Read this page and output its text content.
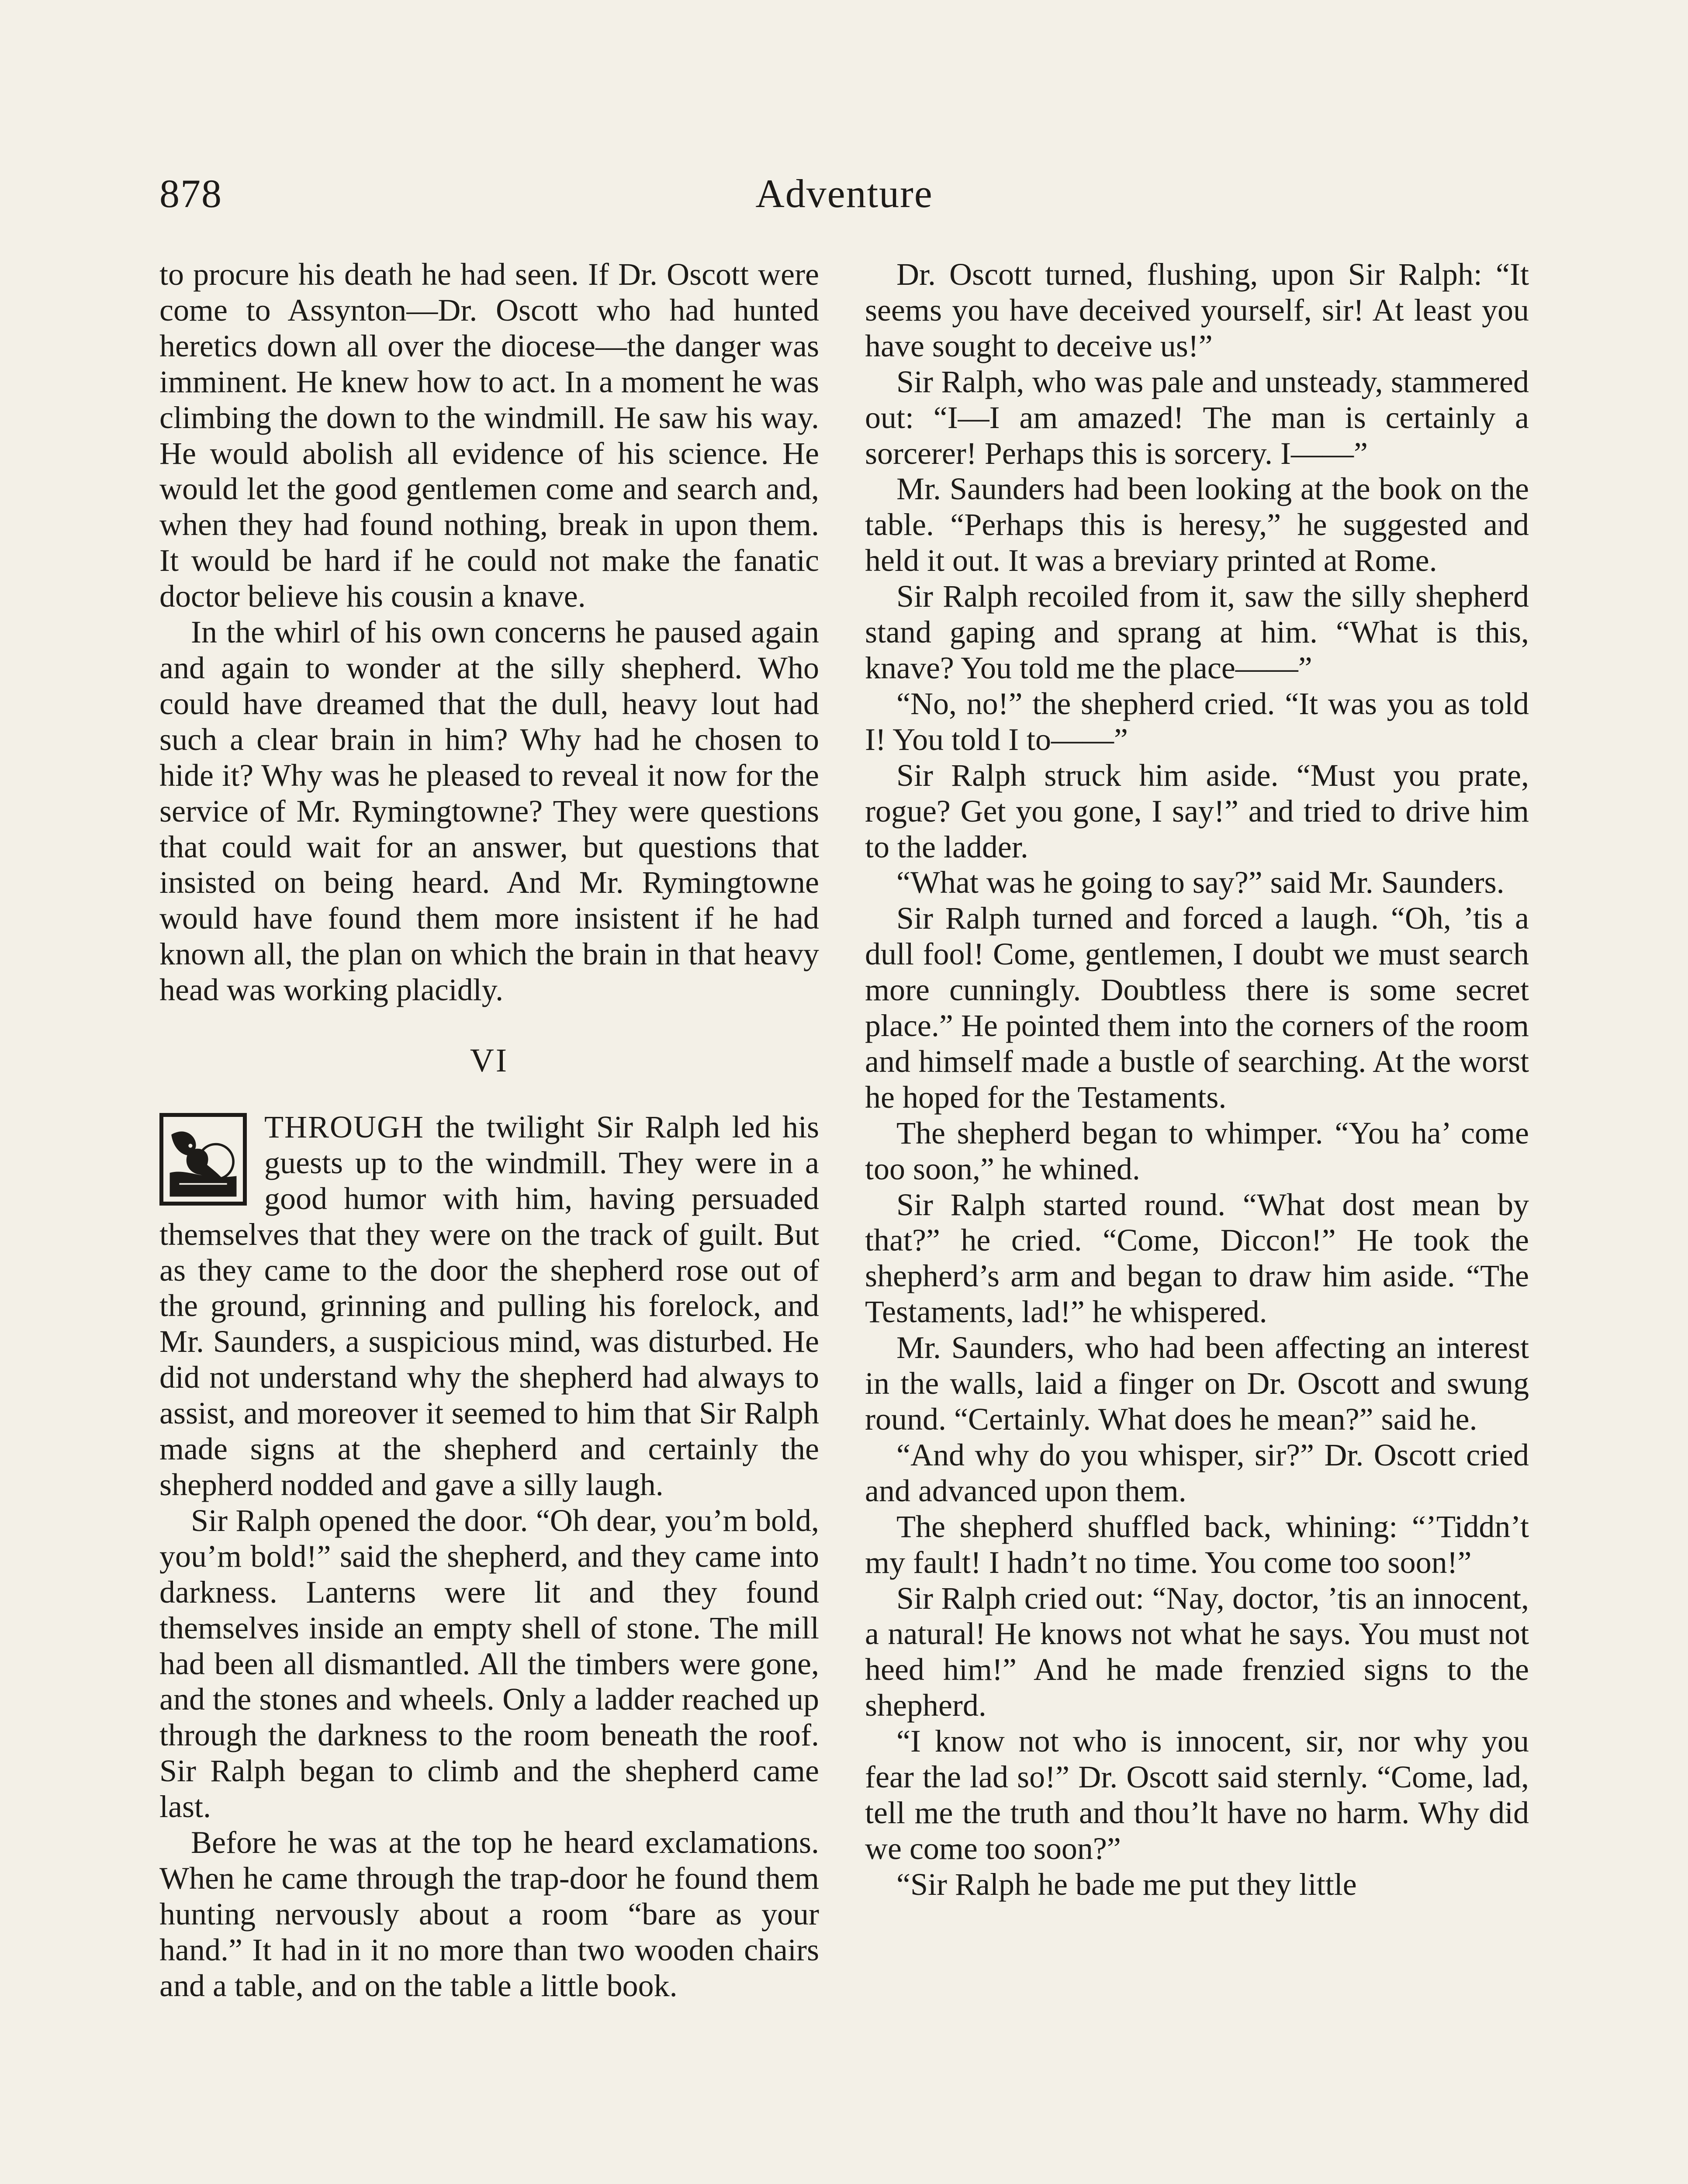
878	Adventure

to procure his death he had seen. If Dr. Oscott were come to Assynton—Dr. Oscott who had hunted heretics down all over the diocese—the danger was imminent. He knew how to act. In a moment he was climbing the down to the windmill. He saw his way. He would abolish all evidence of his science. He would let the good gentlemen come and search and, when they had found nothing, break in upon them. It would be hard if he could not make the fanatic doctor believe his cousin a knave.

In the whirl of his own concerns he paused again and again to wonder at the silly shepherd. Who could have dreamed that the dull, heavy lout had such a clear brain in him? Why had he chosen to hide it? Why was he pleased to reveal it now for the service of Mr. Rymingtowne? They were questions that could wait for an answer, but questions that insisted on being heard. And Mr. Rymingtowne would have found them more insistent if he had known all, the plan on which the brain in that heavy head was working placidly.

VI

THROUGH the twilight Sir Ralph led his guests up to the windmill. They were in a good humor with him, having persuaded themselves that they were on the track of guilt. But as they came to the door the shepherd rose out of the ground, grinning and pulling his forelock, and Mr. Saunders, a suspicious mind, was disturbed. He did not understand why the shepherd had always to assist, and moreover it seemed to him that Sir Ralph made signs at the shepherd and certainly the shepherd nodded and gave a silly laugh.

Sir Ralph opened the door. “Oh dear, you’m bold, you’m bold!” said the shepherd, and they came into darkness. Lanterns were lit and they found themselves inside an empty shell of stone. The mill had been all dismantled. All the timbers were gone, and the stones and wheels. Only a ladder reached up through the darkness to the room beneath the roof. Sir Ralph began to climb and the shepherd came last.

Before he was at the top he heard exclamations. When he came through the trap-door he found them hunting nervously about a room “bare as your hand.” It had in it no more than two wooden chairs and a table, and on the table a little book.

Dr. Oscott turned, flushing, upon Sir Ralph: “It seems you have deceived yourself, sir! At least you have sought to deceive us!”

Sir Ralph, who was pale and unsteady, stammered out: “I—I am amazed! The man is certainly a sorcerer! Perhaps this is sorcery. I——”

Mr. Saunders had been looking at the book on the table. “Perhaps this is heresy,” he suggested and held it out. It was a breviary printed at Rome.

Sir Ralph recoiled from it, saw the silly shepherd stand gaping and sprang at him. “What is this, knave? You told me the place——”

“No, no!” the shepherd cried. “It was you as told I! You told I to——”

Sir Ralph struck him aside. “Must you prate, rogue? Get you gone, I say!” and tried to drive him to the ladder.

“What was he going to say?” said Mr. Saunders.

Sir Ralph turned and forced a laugh. “Oh, ’tis a dull fool! Come, gentlemen, I doubt we must search more cunningly. Doubtless there is some secret place.” He pointed them into the corners of the room and himself made a bustle of searching. At the worst he hoped for the Testaments.

The shepherd began to whimper. “You ha’ come too soon,” he whined.

Sir Ralph started round. “What dost mean by that?” he cried. “Come, Diccon!” He took the shepherd’s arm and began to draw him aside. “The Testaments, lad!” he whispered.

Mr. Saunders, who had been affecting an interest in the walls, laid a finger on Dr. Oscott and swung round. “Certainly. What does he mean?” said he.

“And why do you whisper, sir?” Dr. Oscott cried and advanced upon them.

The shepherd shuffled back, whining: “’Tiddn’t my fault! I hadn’t no time. You come too soon!”

Sir Ralph cried out: “Nay, doctor, ’tis an innocent, a natural! He knows not what he says. You must not heed him!” And he made frenzied signs to the shepherd.

“I know not who is innocent, sir, nor why you fear the lad so!” Dr. Oscott said sternly. “Come, lad, tell me the truth and thou’lt have no harm. Why did we come too soon?”

“Sir Ralph he bade me put they little
